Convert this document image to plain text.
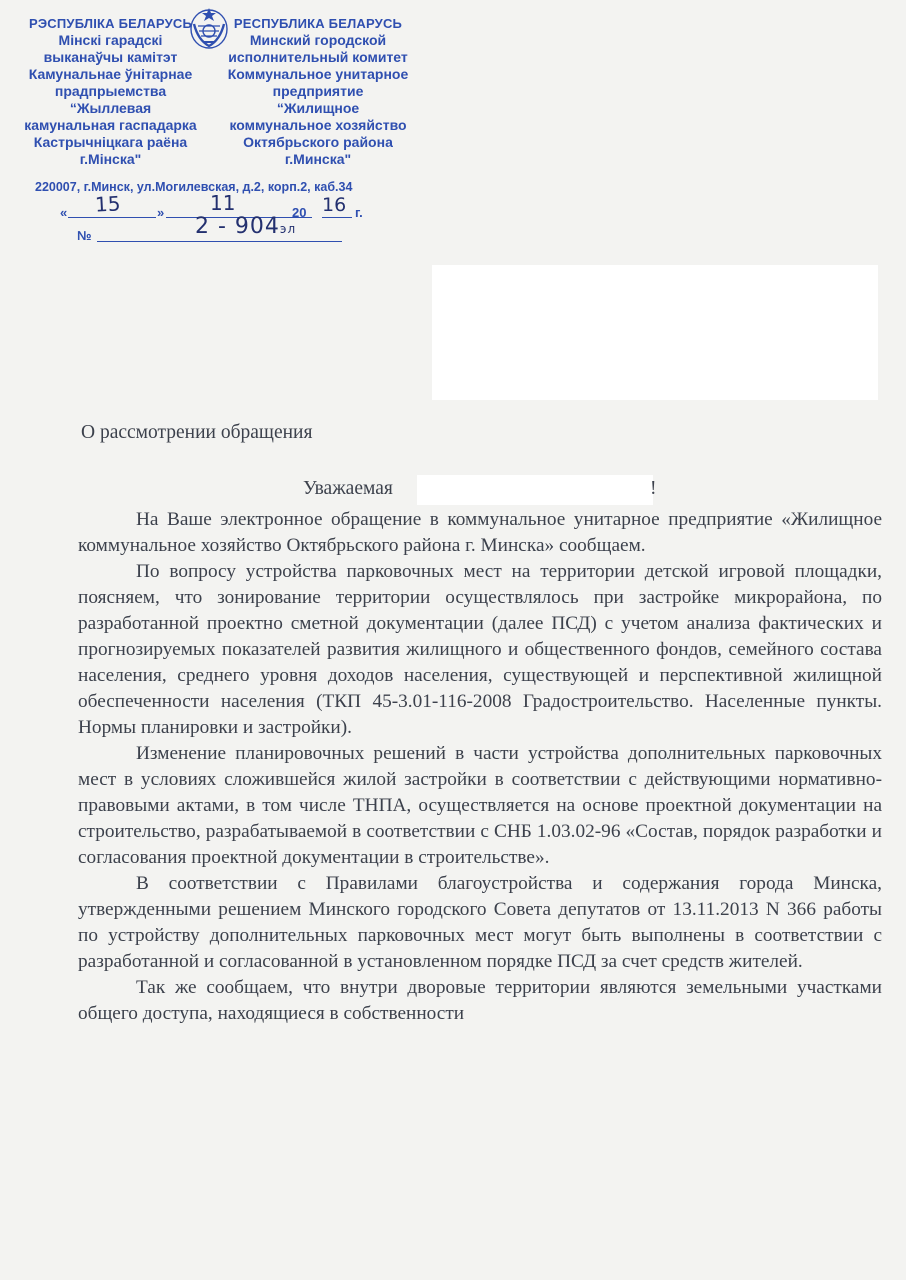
РЭСПУБЛІКА БЕЛАРУСЬ
Мінскі гарадскі
выканаўчы камітэт
Камунальнае ўнітарнае
прадпрыемства
“Жыллевая
камунальная гаспадарка
Кастрычніцкага раёна
г.Мінска"
РЕСПУБЛИКА БЕЛАРУСЬ
Минский городской
исполнительный комитет
Коммунальное унитарное
предприятие
“Жилищное
коммунальное хозяйство
Октябрьского района
г.Минска"
220007, г.Минск, ул.Могилевская, д.2, корп.2, каб.34
« 15	» 11	20 16 г.
№	2 - 904эл
О рассмотрении обращения
Уважаемая	!

На Ваше электронное обращение в коммунальное унитарное предприятие «Жилищное коммунальное хозяйство Октябрьского района г. Минска» сообщаем.

По вопросу устройства парковочных мест на территории детской игровой площадки, поясняем, что зонирование территории осуществлялось при застройке микрорайона, по разработанной проектно сметной документации (далее ПСД) с учетом анализа фактических и прогнозируемых показателей развития жилищного и общественного фондов, семейного состава населения, среднего уровня доходов населения, существующей и перспективной жилищной обеспеченности населения (ТКП 45-3.01-116-2008 Градостроительство. Населенные пункты. Нормы планировки и застройки).

Изменение планировочных решений в части устройства дополнительных парковочных мест в условиях сложившейся жилой застройки в соответствии с действующими нормативно-правовыми актами, в том числе ТНПА, осуществляется на основе проектной документации на строительство, разрабатываемой в соответствии с СНБ 1.03.02-96 «Состав, порядок разработки и согласования проектной документации в строительстве».

В соответствии с Правилами благоустройства и содержания города Минска, утвержденными решением Минского городского Совета депутатов от 13.11.2013 N 366 работы по устройству дополнительных парковочных мест могут быть выполнены в соответствии с разработанной и согласованной в установленном порядке ПСД за счет средств жителей.

Так же сообщаем, что внутри дворовые территории являются земельными участками общего доступа, находящиеся в собственности
